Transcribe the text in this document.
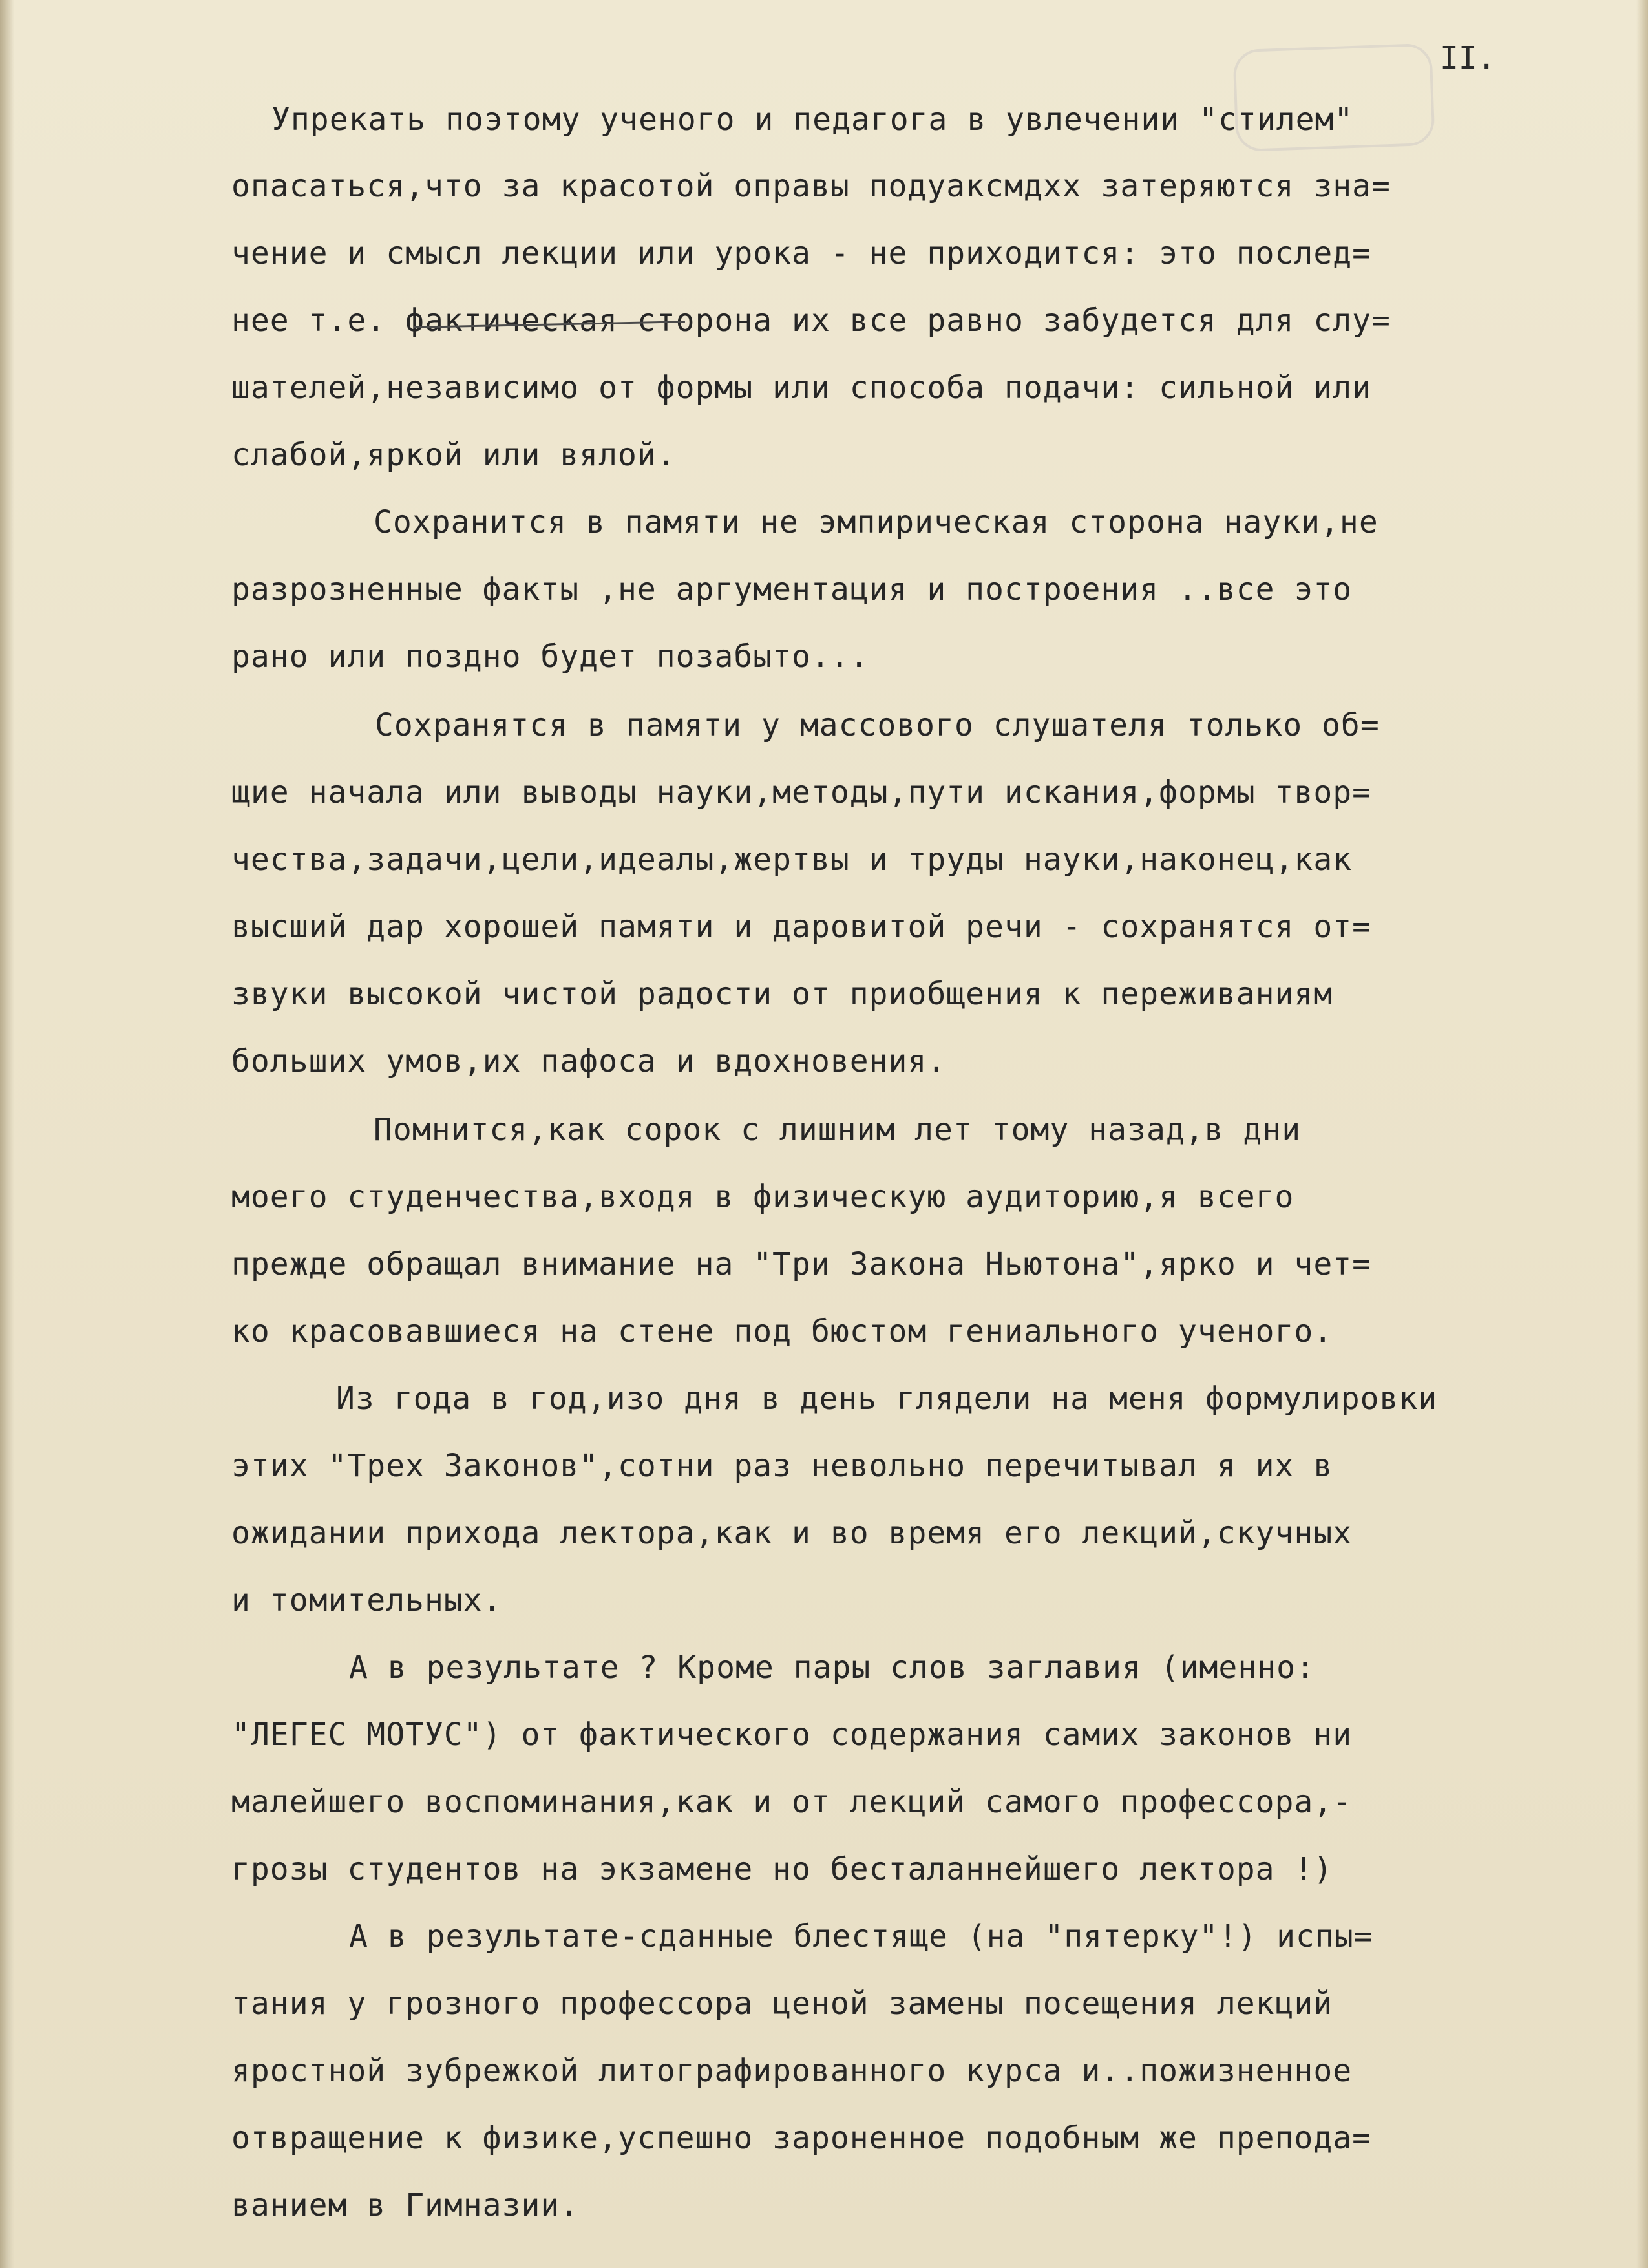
II.

Упрекать поэтому ученого и педагога в увлечении "стилем"

опасаться,что за красотой оправы подуаксмдхх затеряются зна=

чение и смысл лекции или урока - не приходится: это послед=

нее т.е. фактическая сторона их все равно забудется для слу=

шателей,независимо от формы или способа подачи: сильной или

слабой,яркой или вялой.

Сохранится в памяти не эмпирическая сторона науки,не

разрозненные факты ,не аргументация и построения ..все это

рано или поздно будет позабыто...

Сохранятся в памяти у массового слушателя только об=

щие начала или выводы науки,методы,пути искания,формы твор=

чества,задачи,цели,идеалы,жертвы и труды науки,наконец,как

высший дар хорошей памяти и даровитой речи - сохранятся от=

звуки высокой чистой радости от приобщения к переживаниям

больших умов,их пафоса и вдохновения.

Помнится,как сорок с лишним лет тому назад,в дни

моего студенчества,входя в физическую аудиторию,я всего

прежде обращал внимание на "Три Закона Ньютона",ярко и чет=

ко красовавшиеся на стене под бюстом гениального ученого.

Из года в год,изо дня в день глядели на меня формулировки

этих "Трех Законов",сотни раз невольно перечитывал я их в

ожидании прихода лектора,как и во время его лекций,скучных

и томительных.

А в результате ? Кроме пары слов заглавия (именно:

"ЛЕГЕС МОТУС") от фактического содержания самих законов ни

малейшего воспоминания,как и от лекций самого профессора,-

грозы студентов на экзамене но бесталаннейшего лектора !)

А в результате-сданные блестяще (на "пятерку"!) испы=

тания у грозного профессора ценой замены посещения лекций

яростной зубрежкой литографированного курса и..пожизненное

отвращение к физике,успешно зароненное подобным же препода=

ванием в Гимназии.
